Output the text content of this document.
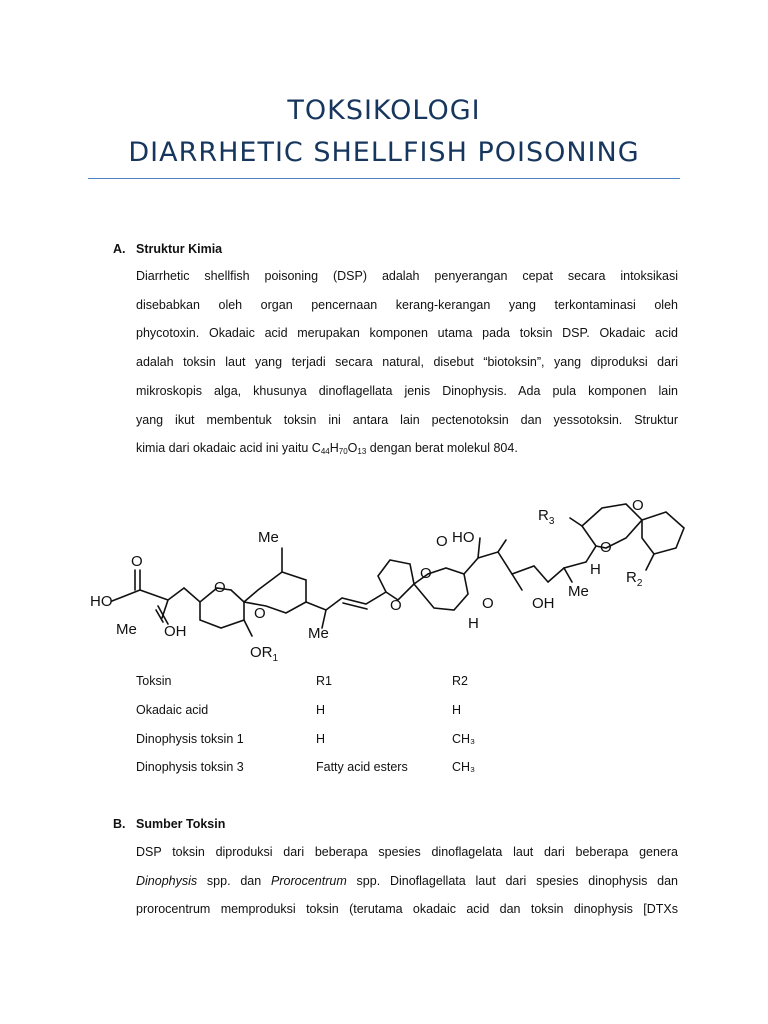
TOKSIKOLOGI
DIARRHETIC SHELLFISH POISONING
A. Struktur Kimia
Diarrhetic shellfish poisoning (DSP) adalah penyerangan cepat secara intoksikasi
disebabkan oleh organ pencernaan kerang-kerangan yang terkontaminasi oleh
phycotoxin. Okadaic acid merupakan komponen utama pada toksin DSP. Okadaic acid
adalah toksin laut yang terjadi secara natural, disebut “biotoksin”, yang diproduksi dari
mikroskopis alga, khusunya dinoflagellata jenis Dinophysis. Ada pula komponen lain
yang ikut membentuk toksin ini antara lain pectenotoksin dan yessotoksin. Struktur
kimia dari okadaic acid ini yaitu $C_{44}H_{70}O_{13}$ dengan berat molekul 804.
HO
O
Me OH
O
O
Me
$OR_1$
Me
O
O
O
HO
H
O	OH
Me
$R_3$
O
O
H $R_2$
Toksin	R1	R2
Okadaic acid	H	H
Dinophysis toksin 1	H	CH₃
Dinophysis toksin 3	Fatty acid esters	CH₃
B. Sumber Toksin
DSP toksin diproduksi dari beberapa spesies dinoflagelata laut dari beberapa genera
Dinophysis spp. dan Prorocentrum spp. Dinoflagellata laut dari spesies dinophysis dan
prorocentrum memproduksi toksin (terutama okadaic acid dan toksin dinophysis [DTXs
